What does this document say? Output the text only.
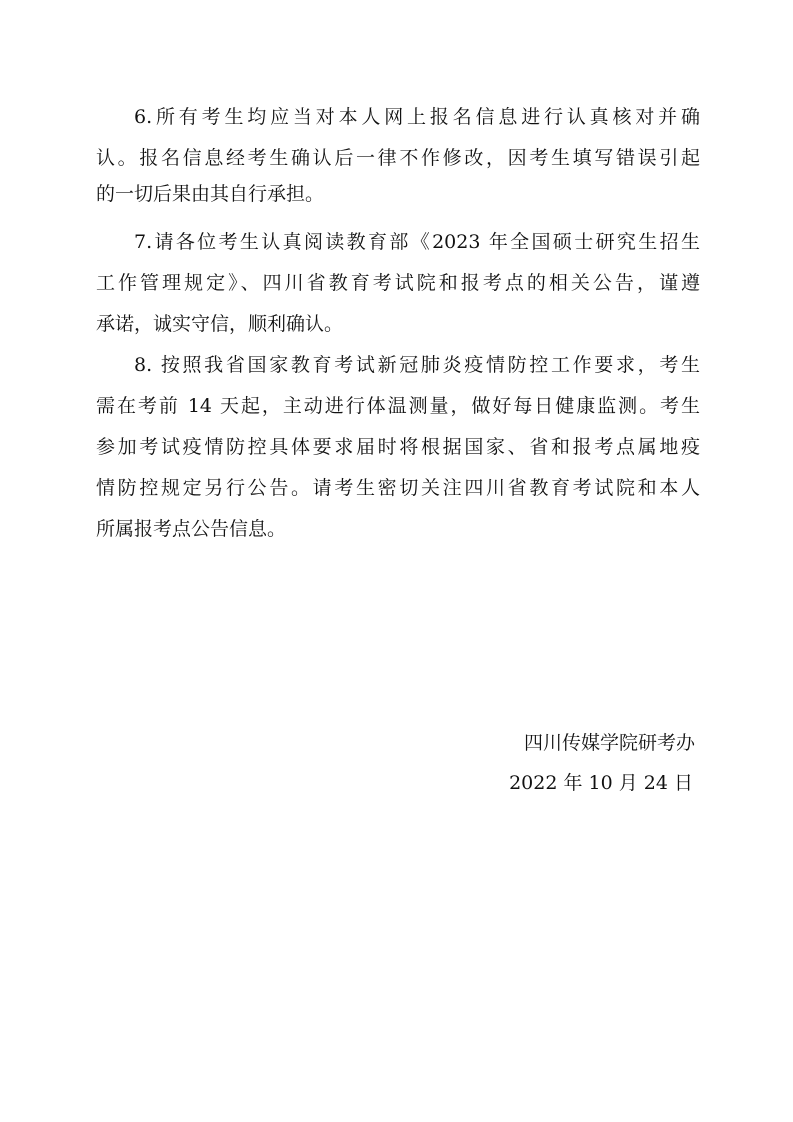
6.所有考生均应当对本人网上报名信息进行认真核对并确
认。报名信息经考生确认后一律不作修改，因考生填写错误引起
的一切后果由其自行承担。
7.请各位考生认真阅读教育部《2023 年全国硕士研究生招生
工作管理规定》、四川省教育考试院和报考点的相关公告，谨遵
承诺，诚实守信，顺利确认。
8. 按照我省国家教育考试新冠肺炎疫情防控工作要求，考生
需在考前 14 天起，主动进行体温测量，做好每日健康监测。考生
参加考试疫情防控具体要求届时将根据国家、省和报考点属地疫
情防控规定另行公告。请考生密切关注四川省教育考试院和本人
所属报考点公告信息。
四川传媒学院研考办
2022 年 10 月 24 日
